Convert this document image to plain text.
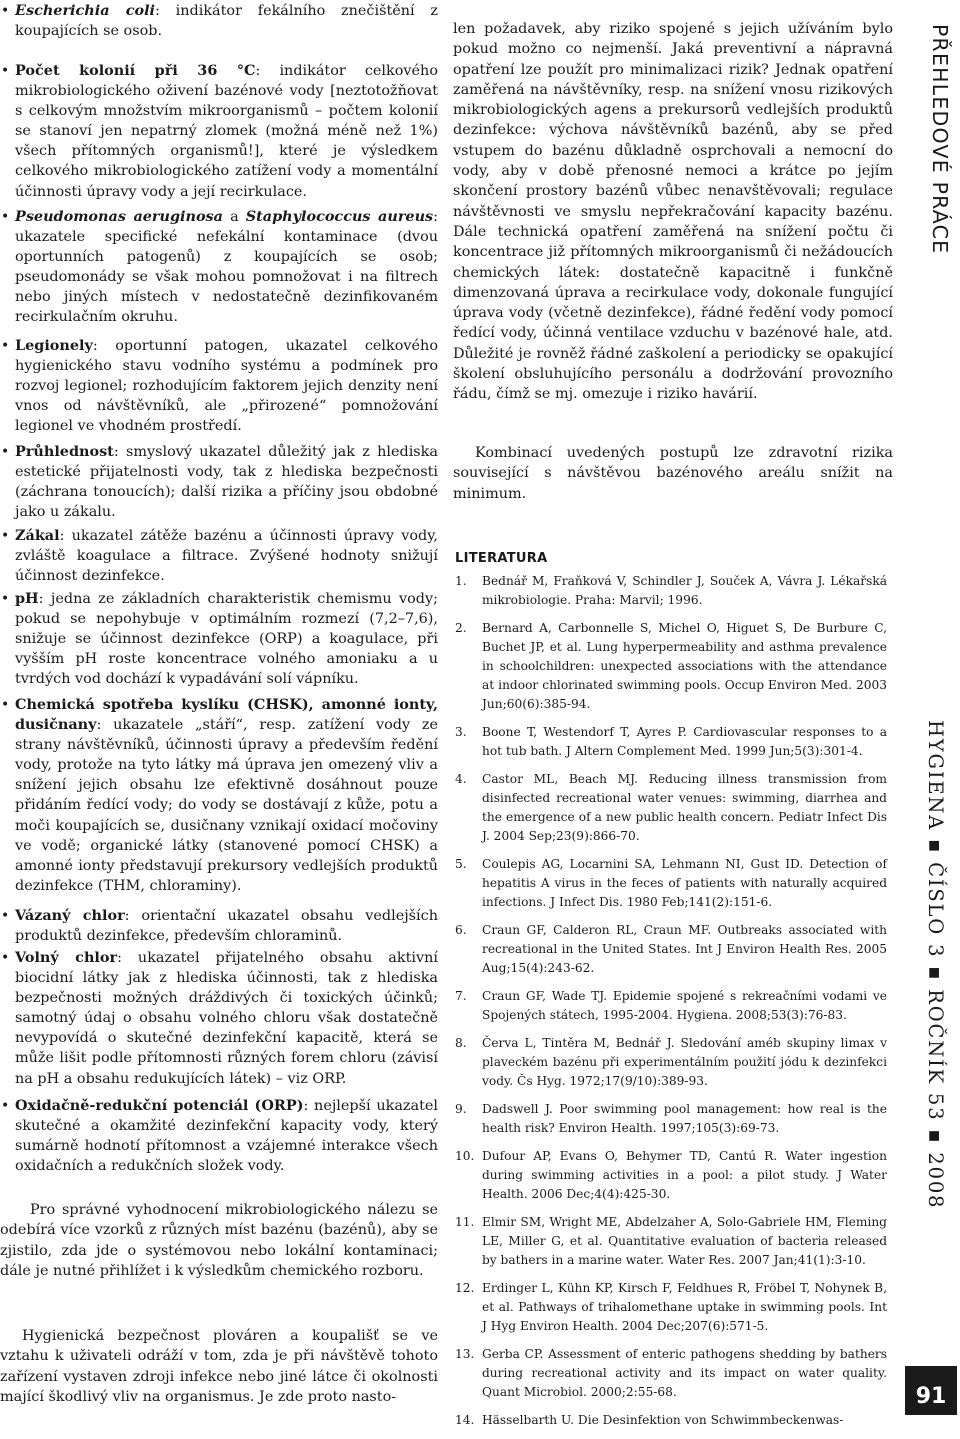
• Escherichia coli: indikátor fekálního znečištění z koupajících se osob.

• Počet kolonií při 36 °C: indikátor celkového mikrobiologického oživení bazénové vody [neztotožňovat s celkovým množstvím mikroorganismů – počtem kolonií se stanoví jen nepatrný zlomek (možná méně než 1%) všech přítomných organismů!], které je výsledkem celkového mikrobiologického zatížení vody a momentální účinnosti úpravy vody a její recirkulace.

• Pseudomonas aeruginosa a Staphylococcus aureus: ukazatele specifické nefekální kontaminace (dvou oportunních patogenů) z koupajících se osob; pseudomonády se však mohou pomnožovat i na filtrech nebo jiných místech v nedostatečně dezinfikovaném recirkulačním okruhu.

• Legionely: oportunní patogen, ukazatel celkového hygienického stavu vodního systému a podmínek pro rozvoj legionel; rozhodujícím faktorem jejich denzity není vnos od návštěvníků, ale „přirozené“ pomnožování legionel ve vhodném prostředí.

• Průhlednost: smyslový ukazatel důležitý jak z hlediska estetické přijatelnosti vody, tak z hlediska bezpečnosti (záchrana tonoucích); další rizika a příčiny jsou obdobné jako u zákalu.

• Zákal: ukazatel zátěže bazénu a účinnosti úpravy vody, zvláště koagulace a filtrace. Zvýšené hodnoty snižují účinnost dezinfekce.

• pH: jedna ze základních charakteristik chemismu vody; pokud se nepohybuje v optimálním rozmezí (7,2–7,6), snižuje se účinnost dezinfekce (ORP) a koagulace, při vyšším pH roste koncentrace volného amoniaku a u tvrdých vod dochází k vypadávání solí vápníku.

• Chemická spotřeba kyslíku (CHSK), amonné ionty, dusičnany: ukazatele „stáří“, resp. zatížení vody ze strany návštěvníků, účinnosti úpravy a především ředění vody, protože na tyto látky má úprava jen omezený vliv a snížení jejich obsahu lze efektivně dosáhnout pouze přidáním ředící vody; do vody se dostávají z kůže, potu a moči koupajících se, dusičnany vznikají oxidací močoviny ve vodě; organické látky (stanovené pomocí CHSK) a amonné ionty představují prekursory vedlejších produktů dezinfekce (THM, chloraminy).

• Vázaný chlor: orientační ukazatel obsahu vedlejších produktů dezinfekce, především chloraminů.

• Volný chlor: ukazatel přijatelného obsahu aktivní biocidní látky jak z hlediska účinnosti, tak z hlediska bezpečnosti možných dráždivých či toxických účinků; samotný údaj o obsahu volného chloru však dostatečně nevypovídá o skutečné dezinfekční kapacitě, která se může lišit podle přítomnosti různých forem chloru (závisí na pH a obsahu redukujících látek) – viz ORP.

• Oxidačně-redukční potenciál (ORP): nejlepší ukazatel skutečné a okamžité dezinfekční kapacity vody, který sumárně hodnotí přítomnost a vzájemné interakce všech oxidačních a redukčních složek vody.

Pro správné vyhodnocení mikrobiologického nálezu se odebírá více vzorků z různých míst bazénu (bazénů), aby se zjistilo, zda jde o systémovou nebo lokální kontaminaci; dále je nutné přihlížet i k výsledkům chemického rozboru.

Hygienická bezpečnost plováren a koupališť se ve vztahu k uživateli odráží v tom, zda je při návštěvě tohoto zařízení vystaven zdroji infekce nebo jiné látce či okolnosti mající škodlivý vliv na organismus. Je zde proto nasto-

len požadavek, aby riziko spojené s jejich užíváním bylo pokud možno co nejmenší. Jaká preventivní a nápravná opatření lze použít pro minimalizaci rizik? Jednak opatření zaměřená na návštěvníky, resp. na snížení vnosu rizikových mikrobiologických agens a prekursorů vedlejších produktů dezinfekce: výchova návštěvníků bazénů, aby se před vstupem do bazénu důkladně osprchovali a nemocní do vody, aby v době přenosné nemoci a krátce po jejím skončení prostory bazénů vůbec nenavštěvovali; regulace návštěvnosti ve smyslu nepřekračování kapacity bazénu. Dále technická opatření zaměřená na snížení počtu či koncentrace již přítomných mikroorganismů či nežádoucích chemických látek: dostatečně kapacitně i funkčně dimenzovaná úprava a recirkulace vody, dokonale fungující úprava vody (včetně dezinfekce), řádné ředění vody pomocí ředící vody, účinná ventilace vzduchu v bazénové hale, atd. Důležité je rovněž řádné zaškolení a periodicky se opakující školení obsluhujícího personálu a dodržování provozního řádu, čímž se mj. omezuje i riziko havárií.

Kombinací uvedených postupů lze zdravotní rizika související s návštěvou bazénového areálu snížit na minimum.

LITERATURA

1. Bednář M, Fraňková V, Schindler J, Souček A, Vávra J. Lékařská mikrobiologie. Praha: Marvil; 1996.
2. Bernard A, Carbonnelle S, Michel O, Higuet S, De Burbure C, Buchet JP, et al. Lung hyperpermeability and asthma prevalence in schoolchildren: unexpected associations with the attendance at indoor chlorinated swimming pools. Occup Environ Med. 2003 Jun;60(6):385-94.
3. Boone T, Westendorf T, Ayres P. Cardiovascular responses to a hot tub bath. J Altern Complement Med. 1999 Jun;5(3):301-4.
4. Castor ML, Beach MJ. Reducing illness transmission from disinfected recreational water venues: swimming, diarrhea and the emergence of a new public health concern. Pediatr Infect Dis J. 2004 Sep;23(9):866-70.
5. Coulepis AG, Locarnini SA, Lehmann NI, Gust ID. Detection of hepatitis A virus in the feces of patients with naturally acquired infections. J Infect Dis. 1980 Feb;141(2):151-6.
6. Craun GF, Calderon RL, Craun MF. Outbreaks associated with recreational in the United States. Int J Environ Health Res. 2005 Aug;15(4):243-62.
7. Craun GF, Wade TJ. Epidemie spojené s rekreačními vodami ve Spojených státech, 1995-2004. Hygiena. 2008;53(3):76-83.
8. Červa L, Tintěra M, Bednář J. Sledování améb skupiny limax v plaveckém bazénu při experimentálním použití jódu k dezinfekci vody. Čs Hyg. 1972;17(9/10):389-93.
9. Dadswell J. Poor swimming pool management: how real is the health risk? Environ Health. 1997;105(3):69-73.
10. Dufour AP, Evans O, Behymer TD, Cantú R. Water ingestion during swimming activities in a pool: a pilot study. J Water Health. 2006 Dec;4(4):425-30.
11. Elmir SM, Wright ME, Abdelzaher A, Solo-Gabriele HM, Fleming LE, Miller G, et al. Quantitative evaluation of bacteria released by bathers in a marine water. Water Res. 2007 Jan;41(1):3-10.
12. Erdinger L, Kühn KP, Kirsch F, Feldhues R, Fröbel T, Nohynek B, et al. Pathways of trihalomethane uptake in swimming pools. Int J Hyg Environ Health. 2004 Dec;207(6):571-5.
13. Gerba CP. Assessment of enteric pathogens shedding by bathers during recreational activity and its impact on water quality. Quant Microbiol. 2000;2:55-68.
14. Hässelbarth U. Die Desinfektion von Schwimmbeckenwas-
PŘEHLEDOVÉ PRÁCE
HYGIENA ▪ ČÍSLO 3 ▪ ROČNÍK 53 ▪ 2008
91
